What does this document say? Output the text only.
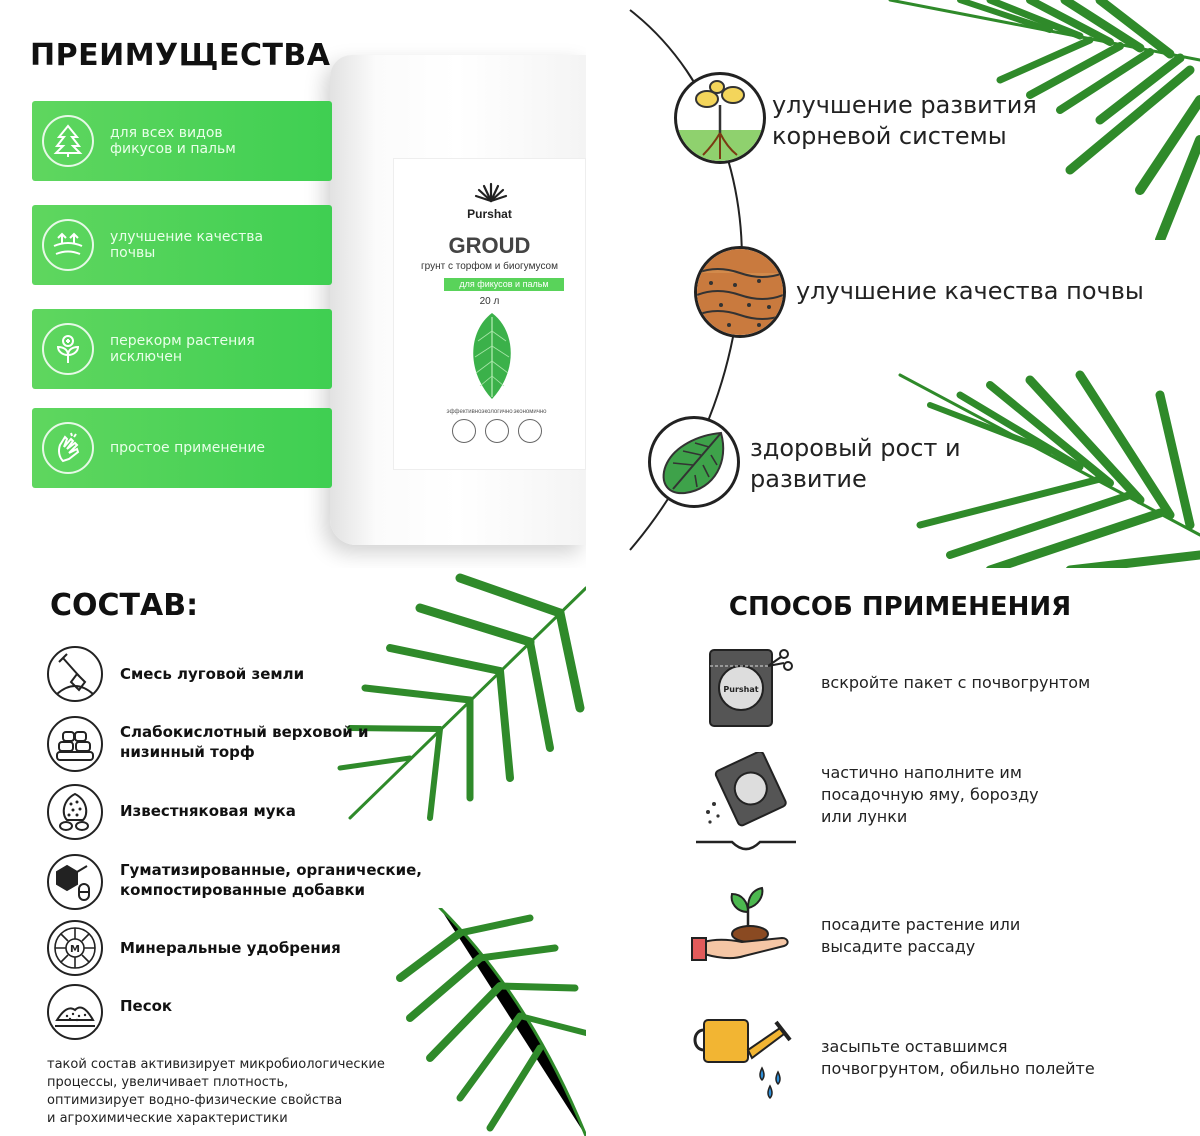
ПРЕИМУЩЕСТВА
Purshat
GROUD
грунт с торфом и биогумусом
для фикусов и пальм
20 л
эффективно экологично экономично
для всех видов
фикусов и пальм
улучшение качества
почвы
перекорм растения
исключен
простое применение
улучшение развития
корневой системы
улучшение качества почвы
здоровый рост и
развитие
СОСТАВ:
Смесь луговой земли
Слабокислотный верховой и
низинный торф
Известняковая мука
Гуматизированные, органические,
компостированные добавки
M	Минеральные удобрения
Песок
такой состав активизирует микробиологические
процессы, увеличивает плотность,
оптимизирует водно-физические свойства
и агрохимические характеристики
СПОСОБ ПРИМЕНЕНИЯ
Purshat	вскройте пакет с почвогрунтом
частично наполните им
посадочную яму, борозду
или лунки
посадите растение или
высадите рассаду
засыпьте оставшимся
почвогрунтом, обильно полейте
